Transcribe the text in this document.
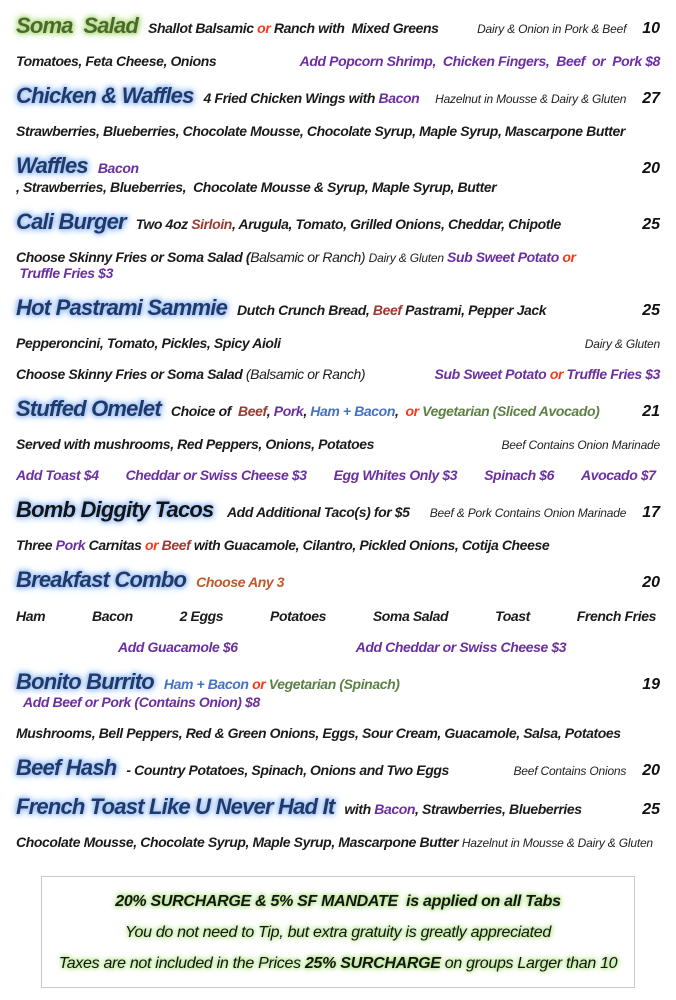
Soma  Salad Shallot Balsamic or Ranch with  Mixed Greens	Dairy & Onion in Pork & Beef 10
Tomatoes, Feta Cheese, Onions	Add Popcorn Shrimp,  Chicken Fingers,  Beef  or  Pork $8
Chicken & Waffles 4 Fried Chicken Wings with Bacon Hazelnut in Mousse & Dairy & Gluten 27
Strawberries, Blueberries, Chocolate Mousse, Chocolate Syrup, Maple Syrup, Mascarpone Butter
Waffles Bacon
, Strawberries, Blueberries,  Chocolate Mousse & Syrup, Maple Syrup, Butter
20
Cali Burger Two 4oz Sirloin , Arugula, Tomato, Grilled Onions, Cheddar, Chipotle	25
Choose Skinny Fries or Soma Salad ( Balsamic or Ranch) Dairy & Gluten Sub Sweet Potato or
Truffle Fries $3
Hot Pastrami Sammie Dutch Crunch Bread, Beef Pastrami, Pepper Jack	25
Pepperoncini, Tomato, Pickles, Spicy Aioli	Dairy & Gluten
Choose Skinny Fries or Soma Salad (Balsamic or Ranch)	Sub Sweet Potato or Truffle Fries $3
Stuffed Omelet Choice of Beef , Pork , Ham + Bacon , or Vegetarian (Sliced Avocado)	21
Served with mushrooms, Red Peppers, Onions, Potatoes	Beef Contains Onion Marinade
Add Toast $4 Cheddar or Swiss Cheese $3 Egg Whites Only $3 Spinach $6 Avocado $7
Bomb Diggity Tacos Add Additional Taco(s) for $5 Beef & Pork Contains Onion Marinade 17
Three Pork Carnitas or Beef with Guacamole, Cilantro, Pickled Onions, Cotija Cheese
Breakfast Combo Choose Any 3	20
Ham	Bacon	2 Eggs	Potatoes	Soma Salad	Toast	French Fries
Add Guacamole $6	Add Cheddar or Swiss Cheese $3
Bonito Burrito Ham + Bacon or Vegetarian (Spinach)
Add Beef or Pork (Contains Onion) $8
19
Mushrooms, Bell Peppers, Red & Green Onions, Eggs, Sour Cream, Guacamole, Salsa, Potatoes
Beef Hash - Country Potatoes, Spinach, Onions and Two Eggs	Beef Contains Onions 20
French Toast Like U Never Had It with Bacon , Strawberries, Blueberries	25
Chocolate Mousse, Chocolate Syrup, Maple Syrup, Mascarpone Butter Hazelnut in Mousse & Dairy & Gluten

20% SURCHARGE & 5% SF MANDATE  is applied on all Tabs

You do not need to Tip, but extra gratuity is greatly appreciated

Taxes are not included in the Prices 25% SURCHARGE on groups Larger than 10
